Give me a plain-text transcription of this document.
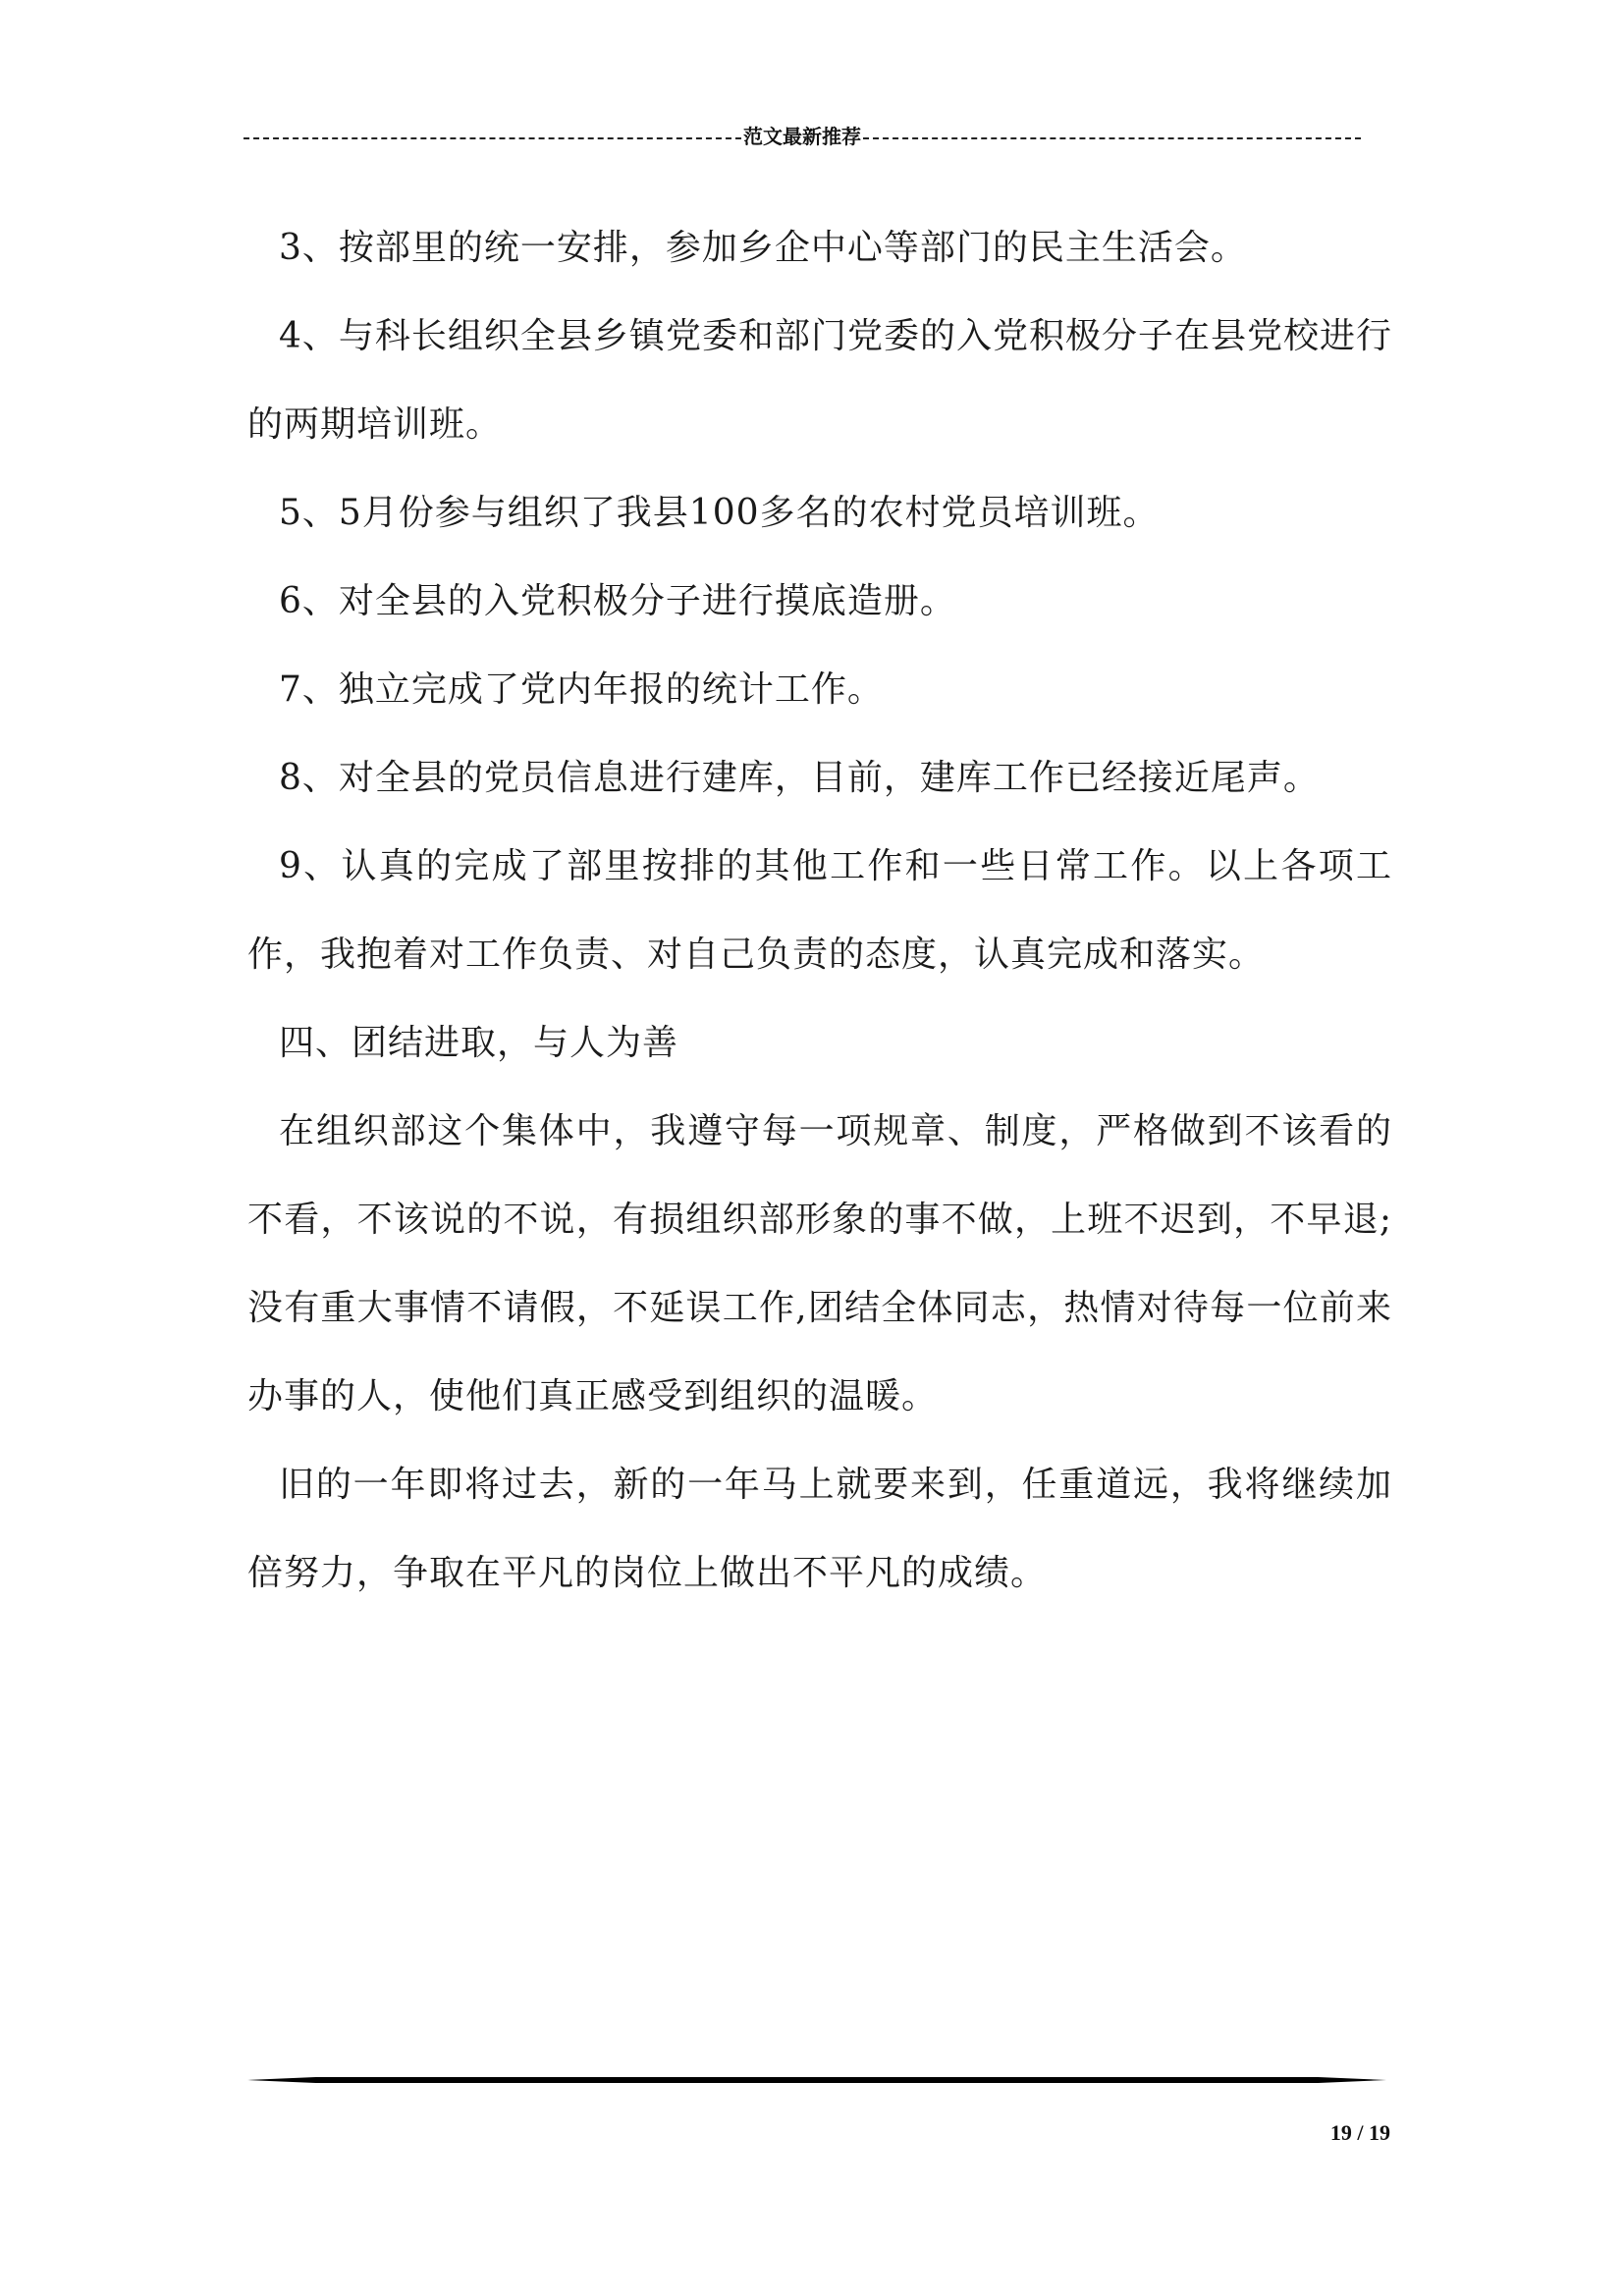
范文最新推荐

3、按部里的统一安排，参加乡企中心等部门的民主生活会。

4、与科长组织全县乡镇党委和部门党委的入党积极分子在县党校进行的两期培训班。

5、5月份参与组织了我县100多名的农村党员培训班。

6、对全县的入党积极分子进行摸底造册。

7、独立完成了党内年报的统计工作。

8、对全县的党员信息进行建库，目前，建库工作已经接近尾声。

9、认真的完成了部里按排的其他工作和一些日常工作。以上各项工作，我抱着对工作负责、对自己负责的态度，认真完成和落实。

四、团结进取，与人为善

在组织部这个集体中，我遵守每一项规章、制度，严格做到不该看的不看，不该说的不说，有损组织部形象的事不做，上班不迟到，不早退;没有重大事情不请假，不延误工作,团结全体同志，热情对待每一位前来办事的人，使他们真正感受到组织的温暖。

旧的一年即将过去，新的一年马上就要来到，任重道远，我将继续加倍努力，争取在平凡的岗位上做出不平凡的成绩。

19 / 19
